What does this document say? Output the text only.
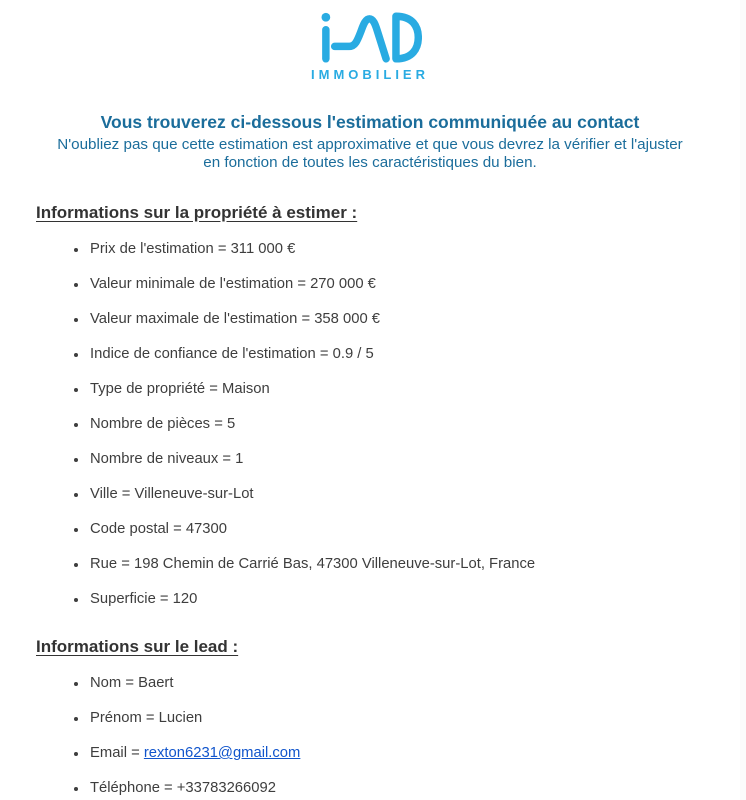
IMMOBILIER
Vous trouverez ci-dessous l'estimation communiquée au contact

N'oubliez pas que cette estimation est approximative et que vous devrez la vérifier et l'ajuster en fonction de toutes les caractéristiques du bien.

Informations sur la propriété à estimer :
• Prix de l'estimation = 311 000 €
• Valeur minimale de l'estimation = 270 000 €
• Valeur maximale de l'estimation = 358 000 €
• Indice de confiance de l'estimation = 0.9 / 5
• Type de propriété = Maison
• Nombre de pièces = 5
• Nombre de niveaux = 1
• Ville = Villeneuve-sur-Lot
• Code postal = 47300
• Rue = 198 Chemin de Carrié Bas, 47300 Villeneuve-sur-Lot, France
• Superficie = 120
Informations sur le lead :
• Nom = Baert
• Prénom = Lucien
• Email = rexton6231@gmail.com
• Téléphone = +33783266092
